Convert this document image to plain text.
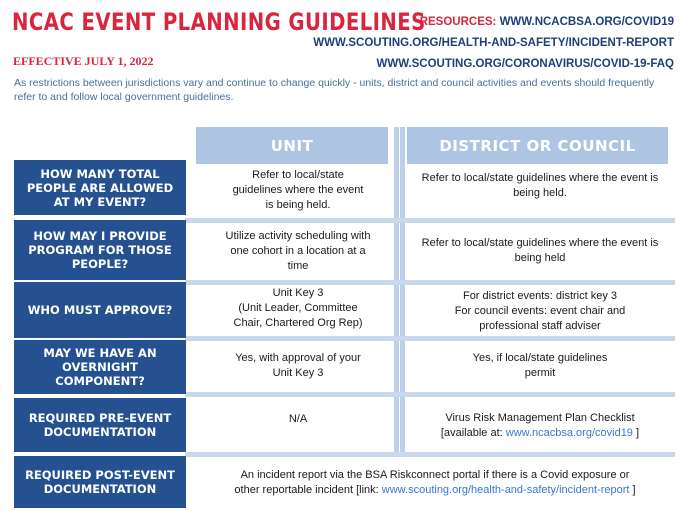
NCAC EVENT PLANNING GUIDELINES
EFFECTIVE JULY 1, 2022
RESOURCES: WWW.NCACBSA.ORG/COVID19
WWW.SCOUTING.ORG/HEALTH-AND-SAFETY/INCIDENT-REPORT
WWW.SCOUTING.ORG/CORONAVIRUS/COVID-19-FAQ
As restrictions between jurisdictions vary and continue to change quickly - units, district and council activities and events should frequently refer to and follow local government guidelines.
UNIT	DISTRICT OR COUNCIL
HOW MANY TOTAL PEOPLE ARE ALLOWED AT MY EVENT?
HOW MAY I PROVIDE PROGRAM FOR THOSE PEOPLE?
WHO MUST APPROVE?
MAY WE HAVE AN OVERNIGHT COMPONENT?
REQUIRED PRE-EVENT DOCUMENTATION
REQUIRED POST-EVENT DOCUMENTATION
Refer to local/state
guidelines where the event
is being held.
Refer to local/state guidelines where the event is
being held.
Utilize activity scheduling with
one cohort in a location at a
time
Refer to local/state guidelines where the event is
being held
Unit Key 3
(Unit Leader, Committee
Chair, Chartered Org Rep)
For district events: district key 3
For council events: event chair and
professional staff adviser
Yes, with approval of your
Unit Key 3
Yes, if local/state guidelines
permit
N/A	Virus Risk Management Plan Checklist
[available at: www.ncacbsa.org/covid19 ]
An incident report via the BSA Riskconnect portal if there is a Covid exposure or
other reportable incident [link: www.scouting.org/health-and-safety/incident-report ]
